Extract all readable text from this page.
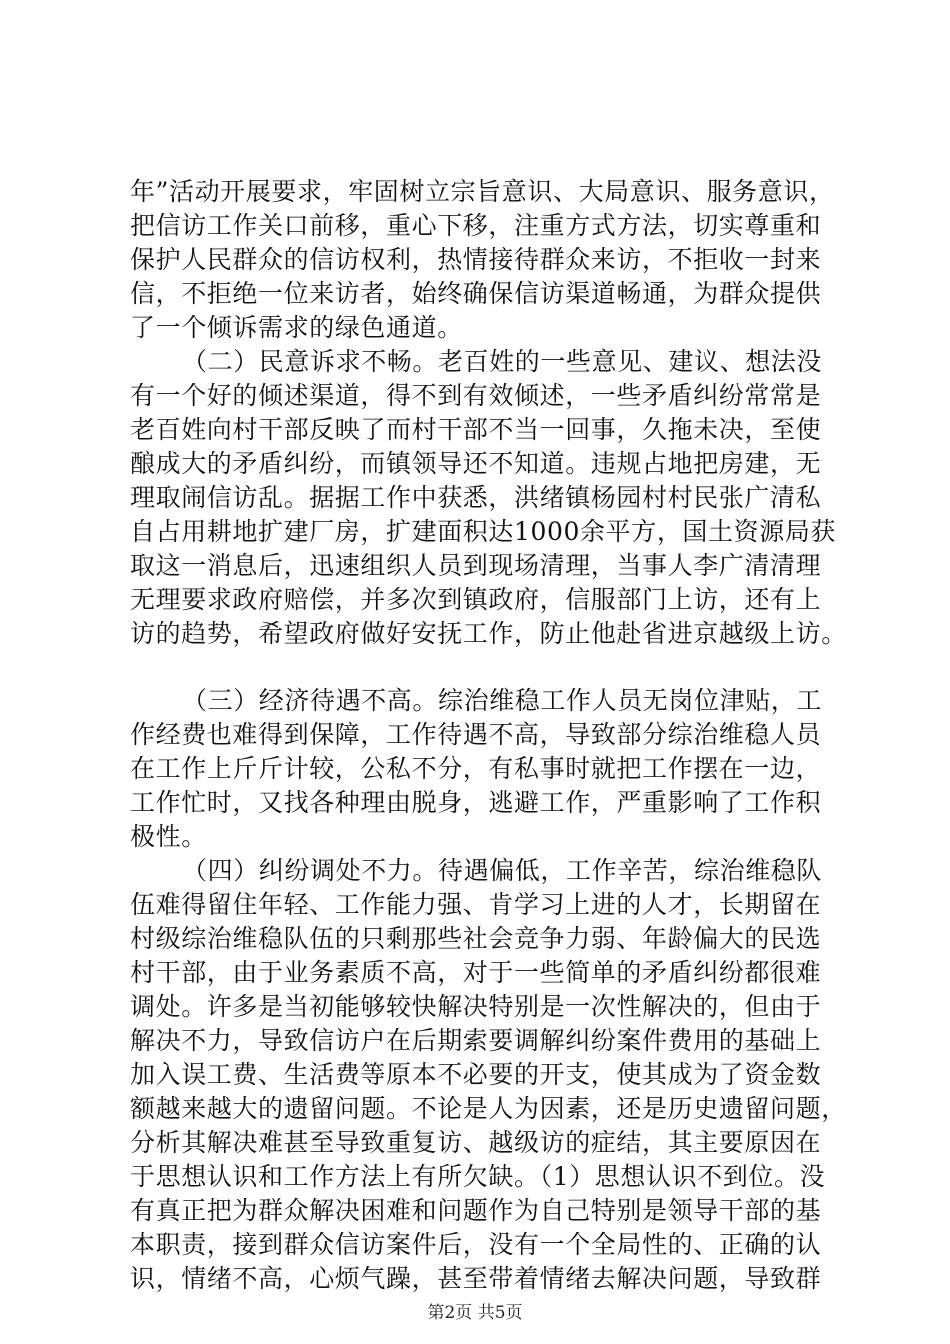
年”活动开展要求，牢固树立宗旨意识、大局意识、服务意识，
把信访工作关口前移，重心下移，注重方式方法，切实尊重和
保护人民群众的信访权利，热情接待群众来访，不拒收一封来
信，不拒绝一位来访者，始终确保信访渠道畅通，为群众提供
了一个倾诉需求的绿色通道。
（二）民意诉求不畅。老百姓的一些意见、建议、想法没
有一个好的倾述渠道，得不到有效倾述，一些矛盾纠纷常常是
老百姓向村干部反映了而村干部不当一回事，久拖未决，至使
酿成大的矛盾纠纷，而镇领导还不知道。违规占地把房建，无
理取闹信访乱。据据工作中获悉，洪绪镇杨园村村民张广清私
自占用耕地扩建厂房，扩建面积达1000余平方，国土资源局获
取这一消息后，迅速组织人员到现场清理，当事人李广清清理
无理要求政府赔偿，并多次到镇政府，信服部门上访，还有上
访的趋势，希望政府做好安抚工作，防止他赴省进京越级上访。
（三）经济待遇不高。综治维稳工作人员无岗位津贴，工
作经费也难得到保障，工作待遇不高，导致部分综治维稳人员
在工作上斤斤计较，公私不分，有私事时就把工作摆在一边，
工作忙时，又找各种理由脱身，逃避工作，严重影响了工作积
极性。
（四）纠纷调处不力。待遇偏低，工作辛苦，综治维稳队
伍难得留住年轻、工作能力强、肯学习上进的人才，长期留在
村级综治维稳队伍的只剩那些社会竞争力弱、年龄偏大的民选
村干部，由于业务素质不高，对于一些简单的矛盾纠纷都很难
调处。许多是当初能够较快解决特别是一次性解决的，但由于
解决不力，导致信访户在后期索要调解纠纷案件费用的基础上
加入误工费、生活费等原本不必要的开支，使其成为了资金数
额越来越大的遗留问题。不论是人为因素，还是历史遗留问题，
分析其解决难甚至导致重复访、越级访的症结，其主要原因在
于思想认识和工作方法上有所欠缺。（1）思想认识不到位。没
有真正把为群众解决困难和问题作为自己特别是领导干部的基
本职责，接到群众信访案件后，没有一个全局性的、正确的认
识，情绪不高，心烦气躁，甚至带着情绪去解决问题，导致群
第2页 共5页
